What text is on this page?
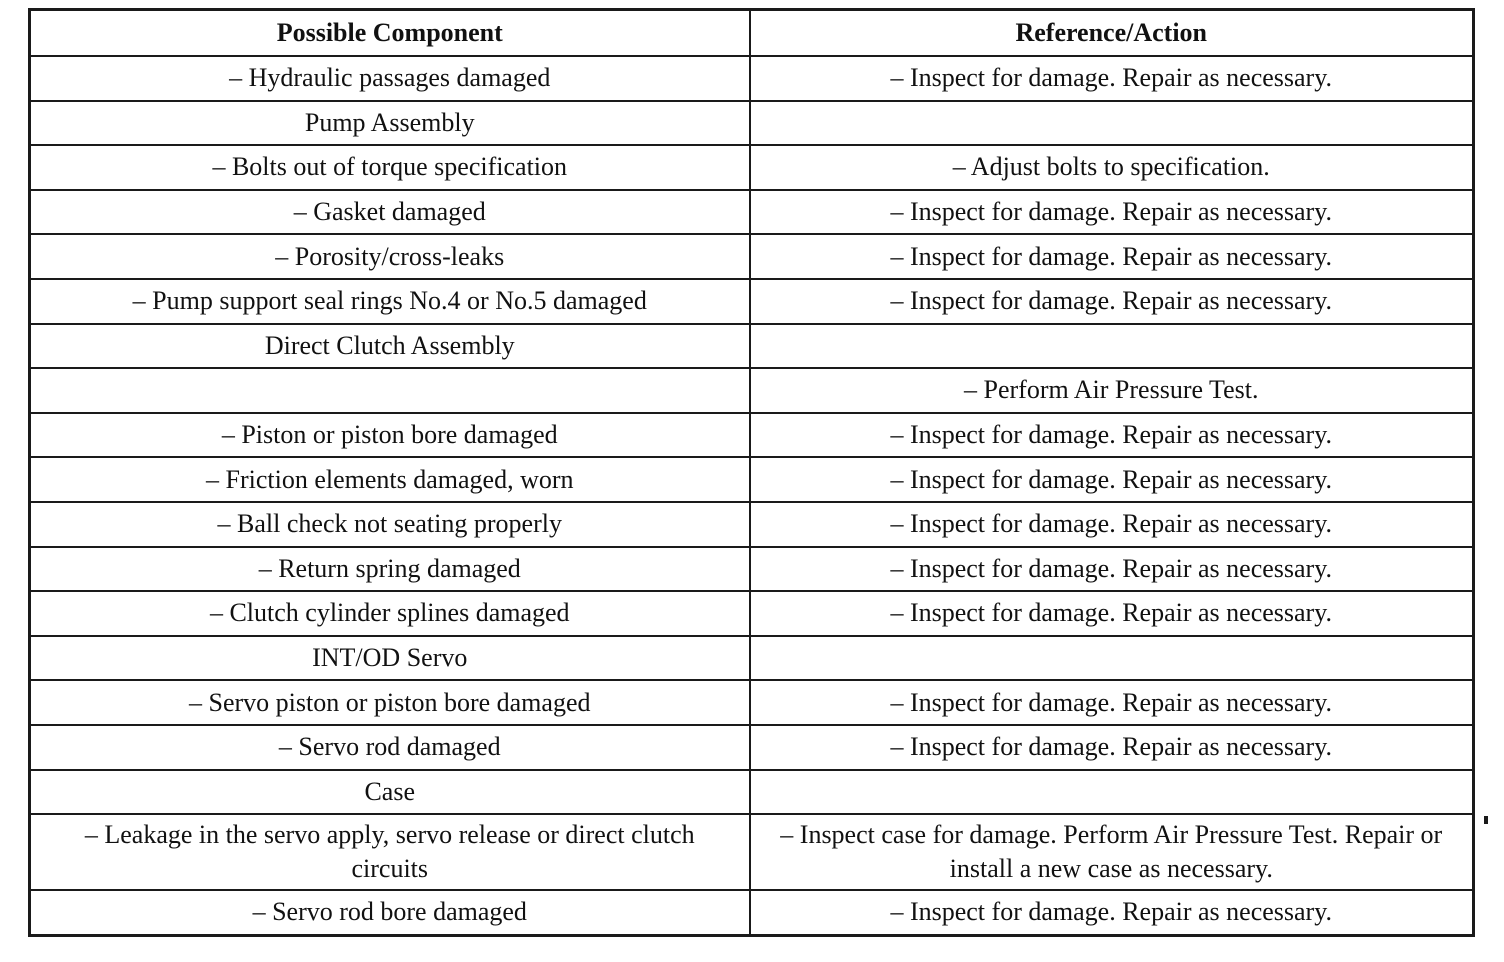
Possible Component	Reference/Action
– Hydraulic passages damaged	– Inspect for damage. Repair as necessary.
Pump Assembly	
– Bolts out of torque specification	– Adjust bolts to specification.
– Gasket damaged	– Inspect for damage. Repair as necessary.
– Porosity/cross-leaks	– Inspect for damage. Repair as necessary.
– Pump support seal rings No.4 or No.5 damaged	– Inspect for damage. Repair as necessary.
Direct Clutch Assembly	
	– Perform Air Pressure Test.
– Piston or piston bore damaged	– Inspect for damage. Repair as necessary.
– Friction elements damaged, worn	– Inspect for damage. Repair as necessary.
– Ball check not seating properly	– Inspect for damage. Repair as necessary.
– Return spring damaged	– Inspect for damage. Repair as necessary.
– Clutch cylinder splines damaged	– Inspect for damage. Repair as necessary.
INT/OD Servo	
– Servo piston or piston bore damaged	– Inspect for damage. Repair as necessary.
– Servo rod damaged	– Inspect for damage. Repair as necessary.
Case	
– Leakage in the servo apply, servo release or direct clutch circuits	– Inspect case for damage. Perform Air Pressure Test. Repair or install a new case as necessary.
– Servo rod bore damaged	– Inspect for damage. Repair as necessary.
